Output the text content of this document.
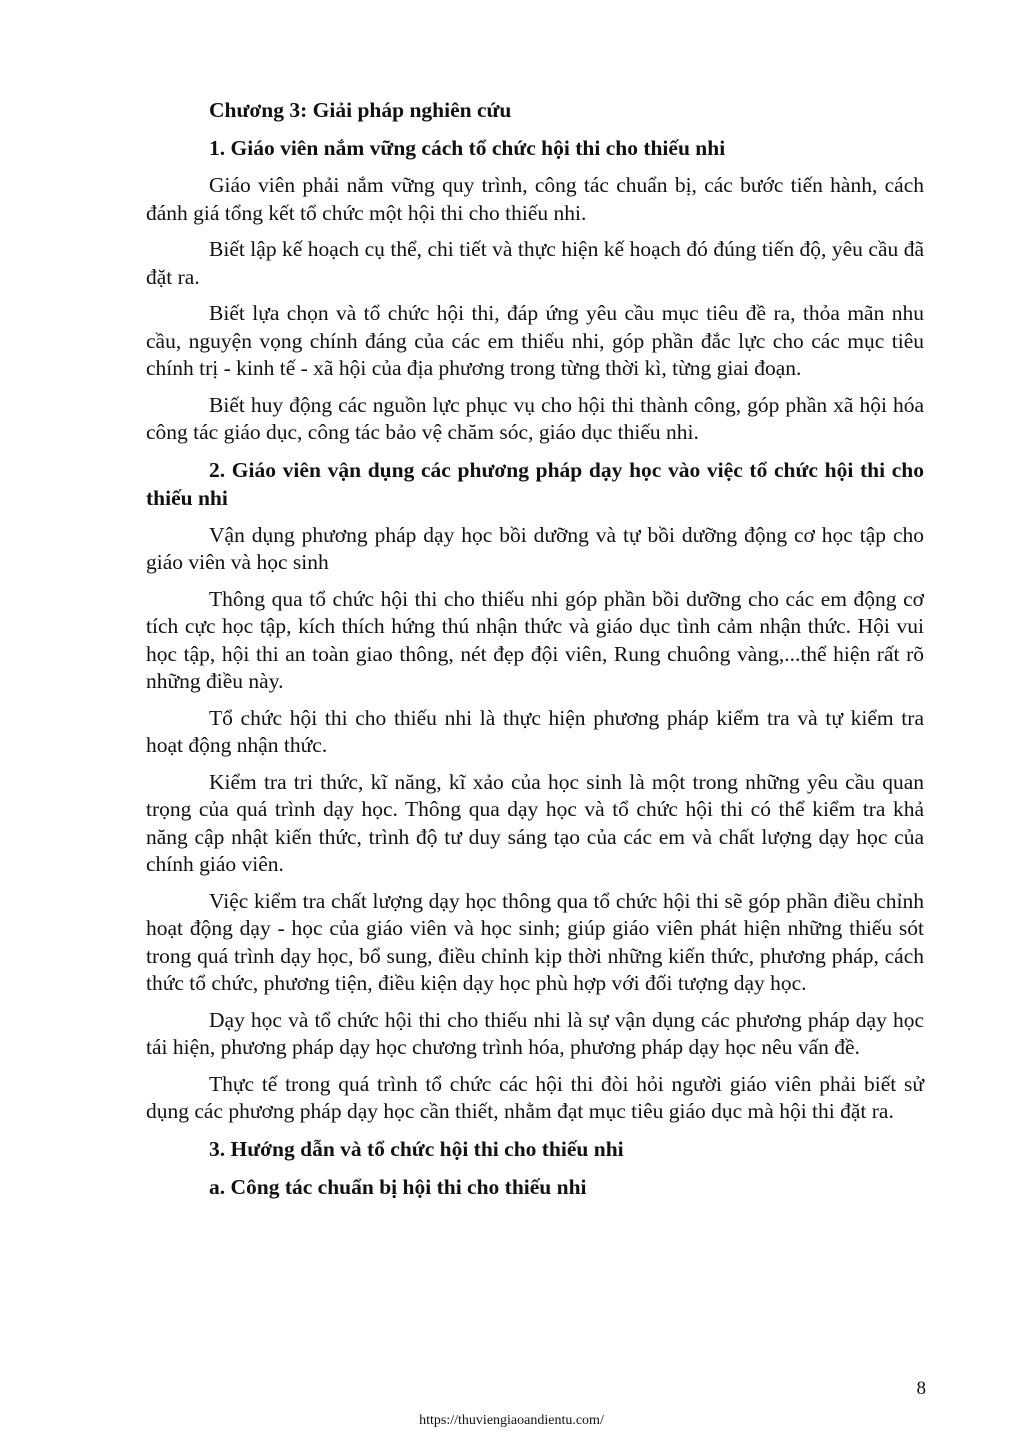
Chương 3: Giải pháp nghiên cứu
1. Giáo viên nắm vững cách tổ chức hội thi cho thiếu nhi
Giáo viên phải nắm vững quy trình, công tác chuẩn bị, các bước tiến hành, cách đánh giá tổng kết tổ chức một hội thi cho thiếu nhi.
Biết lập kế hoạch cụ thể, chi tiết và thực hiện kế hoạch đó đúng tiến độ, yêu cầu đã đặt ra.
Biết lựa chọn và tổ chức hội thi, đáp ứng yêu cầu mục tiêu đề ra, thỏa mãn nhu cầu, nguyện vọng chính đáng của các em thiếu nhi, góp phần đắc lực cho các mục tiêu chính trị - kinh tế - xã hội của địa phương trong từng thời kì, từng giai đoạn.
Biết huy động các nguồn lực phục vụ cho hội thi thành công, góp phần xã hội hóa công tác giáo dục, công tác bảo vệ chăm sóc, giáo dục thiếu nhi.
2. Giáo viên vận dụng các phương pháp dạy học vào việc tổ chức hội thi cho thiếu nhi
Vận dụng phương pháp dạy học bồi dưỡng và tự bồi dưỡng động cơ học tập cho giáo viên và học sinh
Thông qua tổ chức hội thi cho thiếu nhi góp phần bồi dưỡng cho các em động cơ tích cực học tập, kích thích hứng thú nhận thức và giáo dục tình cảm nhận thức. Hội vui học tập, hội thi an toàn giao thông, nét đẹp đội viên, Rung chuông vàng,...thể hiện rất rõ những điều này.
Tổ chức hội thi cho thiếu nhi là thực hiện phương pháp kiểm tra và tự kiểm tra hoạt động nhận thức.
Kiểm tra tri thức, kĩ năng, kĩ xảo của học sinh là một trong những yêu cầu quan trọng của quá trình dạy học. Thông qua dạy học và tổ chức hội thi có thể kiểm tra khả năng cập nhật kiến thức, trình độ tư duy sáng tạo của các em và chất lượng dạy học của chính giáo viên.
Việc kiểm tra chất lượng dạy học thông qua tổ chức hội thi sẽ góp phần điều chỉnh hoạt động dạy - học của giáo viên và học sinh; giúp giáo viên phát hiện những thiếu sót trong quá trình dạy học, bổ sung, điều chỉnh kịp thời những kiến thức, phương pháp, cách thức tổ chức, phương tiện, điều kiện dạy học phù hợp với đối tượng dạy học.
Dạy học và tổ chức hội thi cho thiếu nhi là sự vận dụng các phương pháp dạy học tái hiện, phương pháp dạy học chương trình hóa, phương pháp dạy học nêu vấn đề.
Thực tế trong quá trình tổ chức các hội thi đòi hỏi người giáo viên phải biết sử dụng các phương pháp dạy học cần thiết, nhằm đạt mục tiêu giáo dục mà hội thi đặt ra.
3. Hướng dẫn và tổ chức hội thi cho thiếu nhi
a. Công tác chuẩn bị hội thi cho thiếu nhi
8
https://thuviengiaoandientu.com/
